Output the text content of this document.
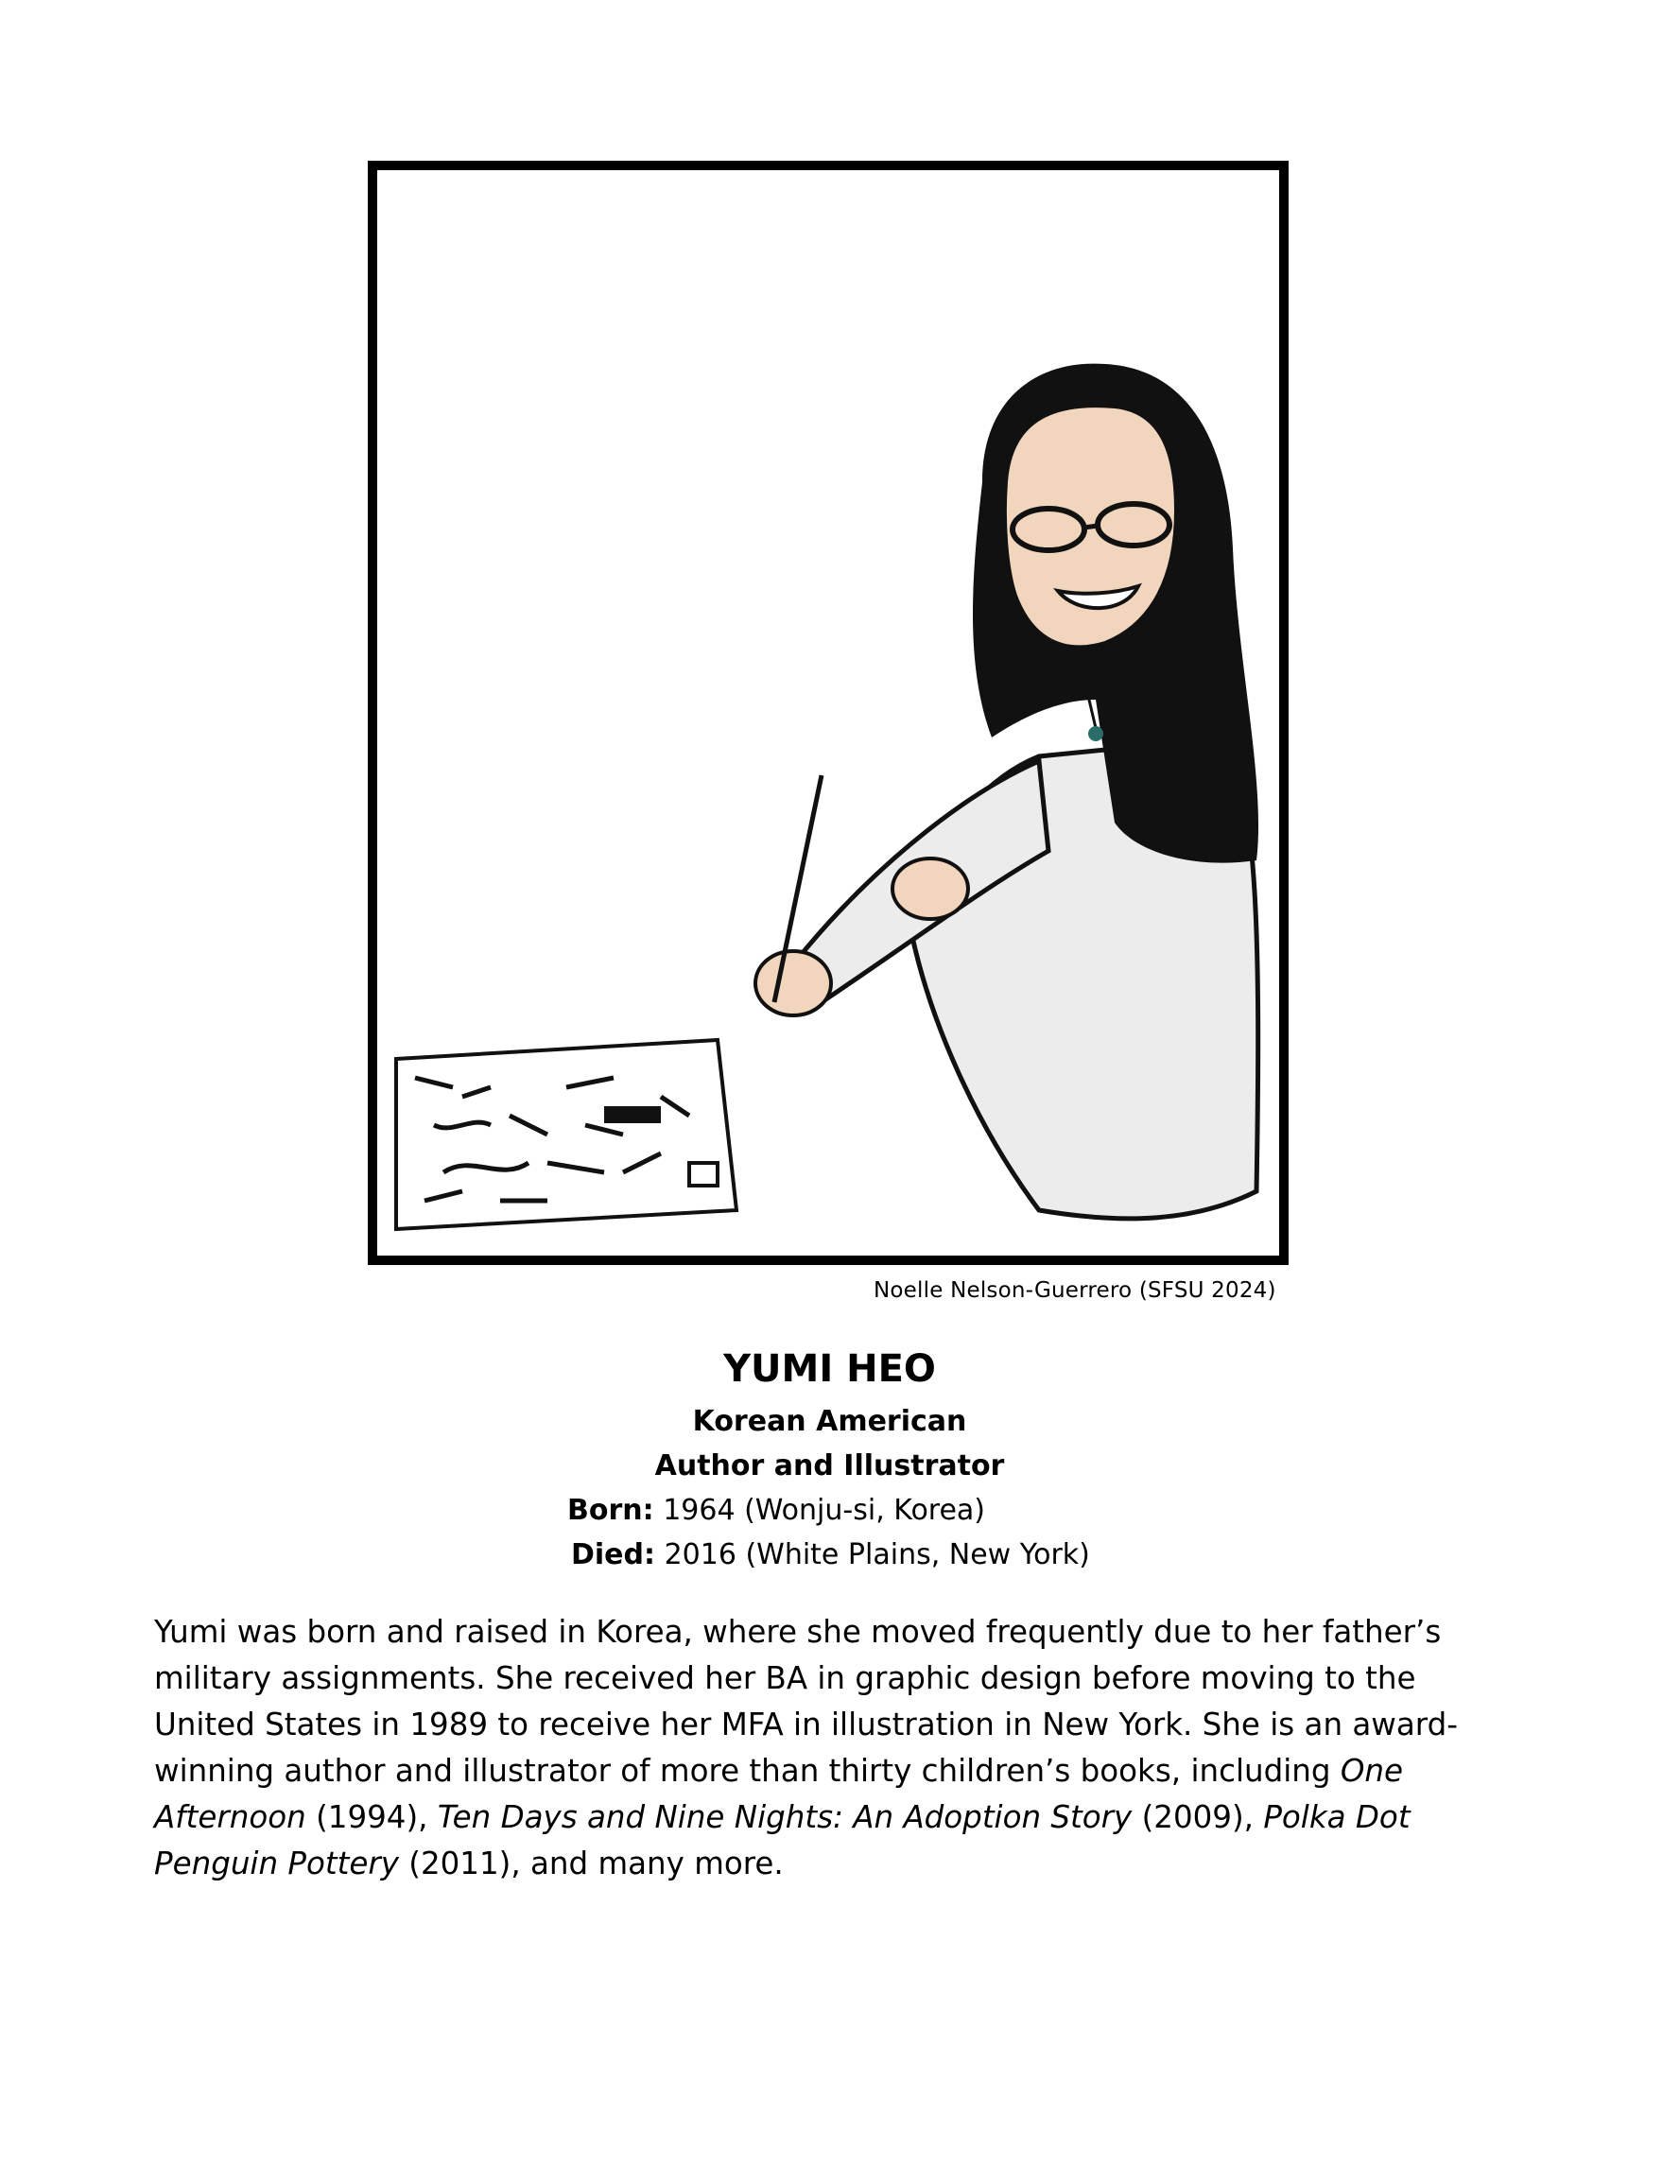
Noelle Nelson-Guerrero (SFSU 2024)
YUMI HEO
Korean American
Author and Illustrator
Born: 1964 (Wonju-si, Korea)
Died: 2016 (White Plains, New York)

Yumi was born and raised in Korea, where she moved frequently due to her father’s

military assignments. She received her BA in graphic design before moving to the

United States in 1989 to receive her MFA in illustration in New York. She is an award-

winning author and illustrator of more than thirty children’s books, including One

Afternoon (1994), Ten Days and Nine Nights: An Adoption Story (2009), Polka Dot

Penguin Pottery (2011), and many more.
